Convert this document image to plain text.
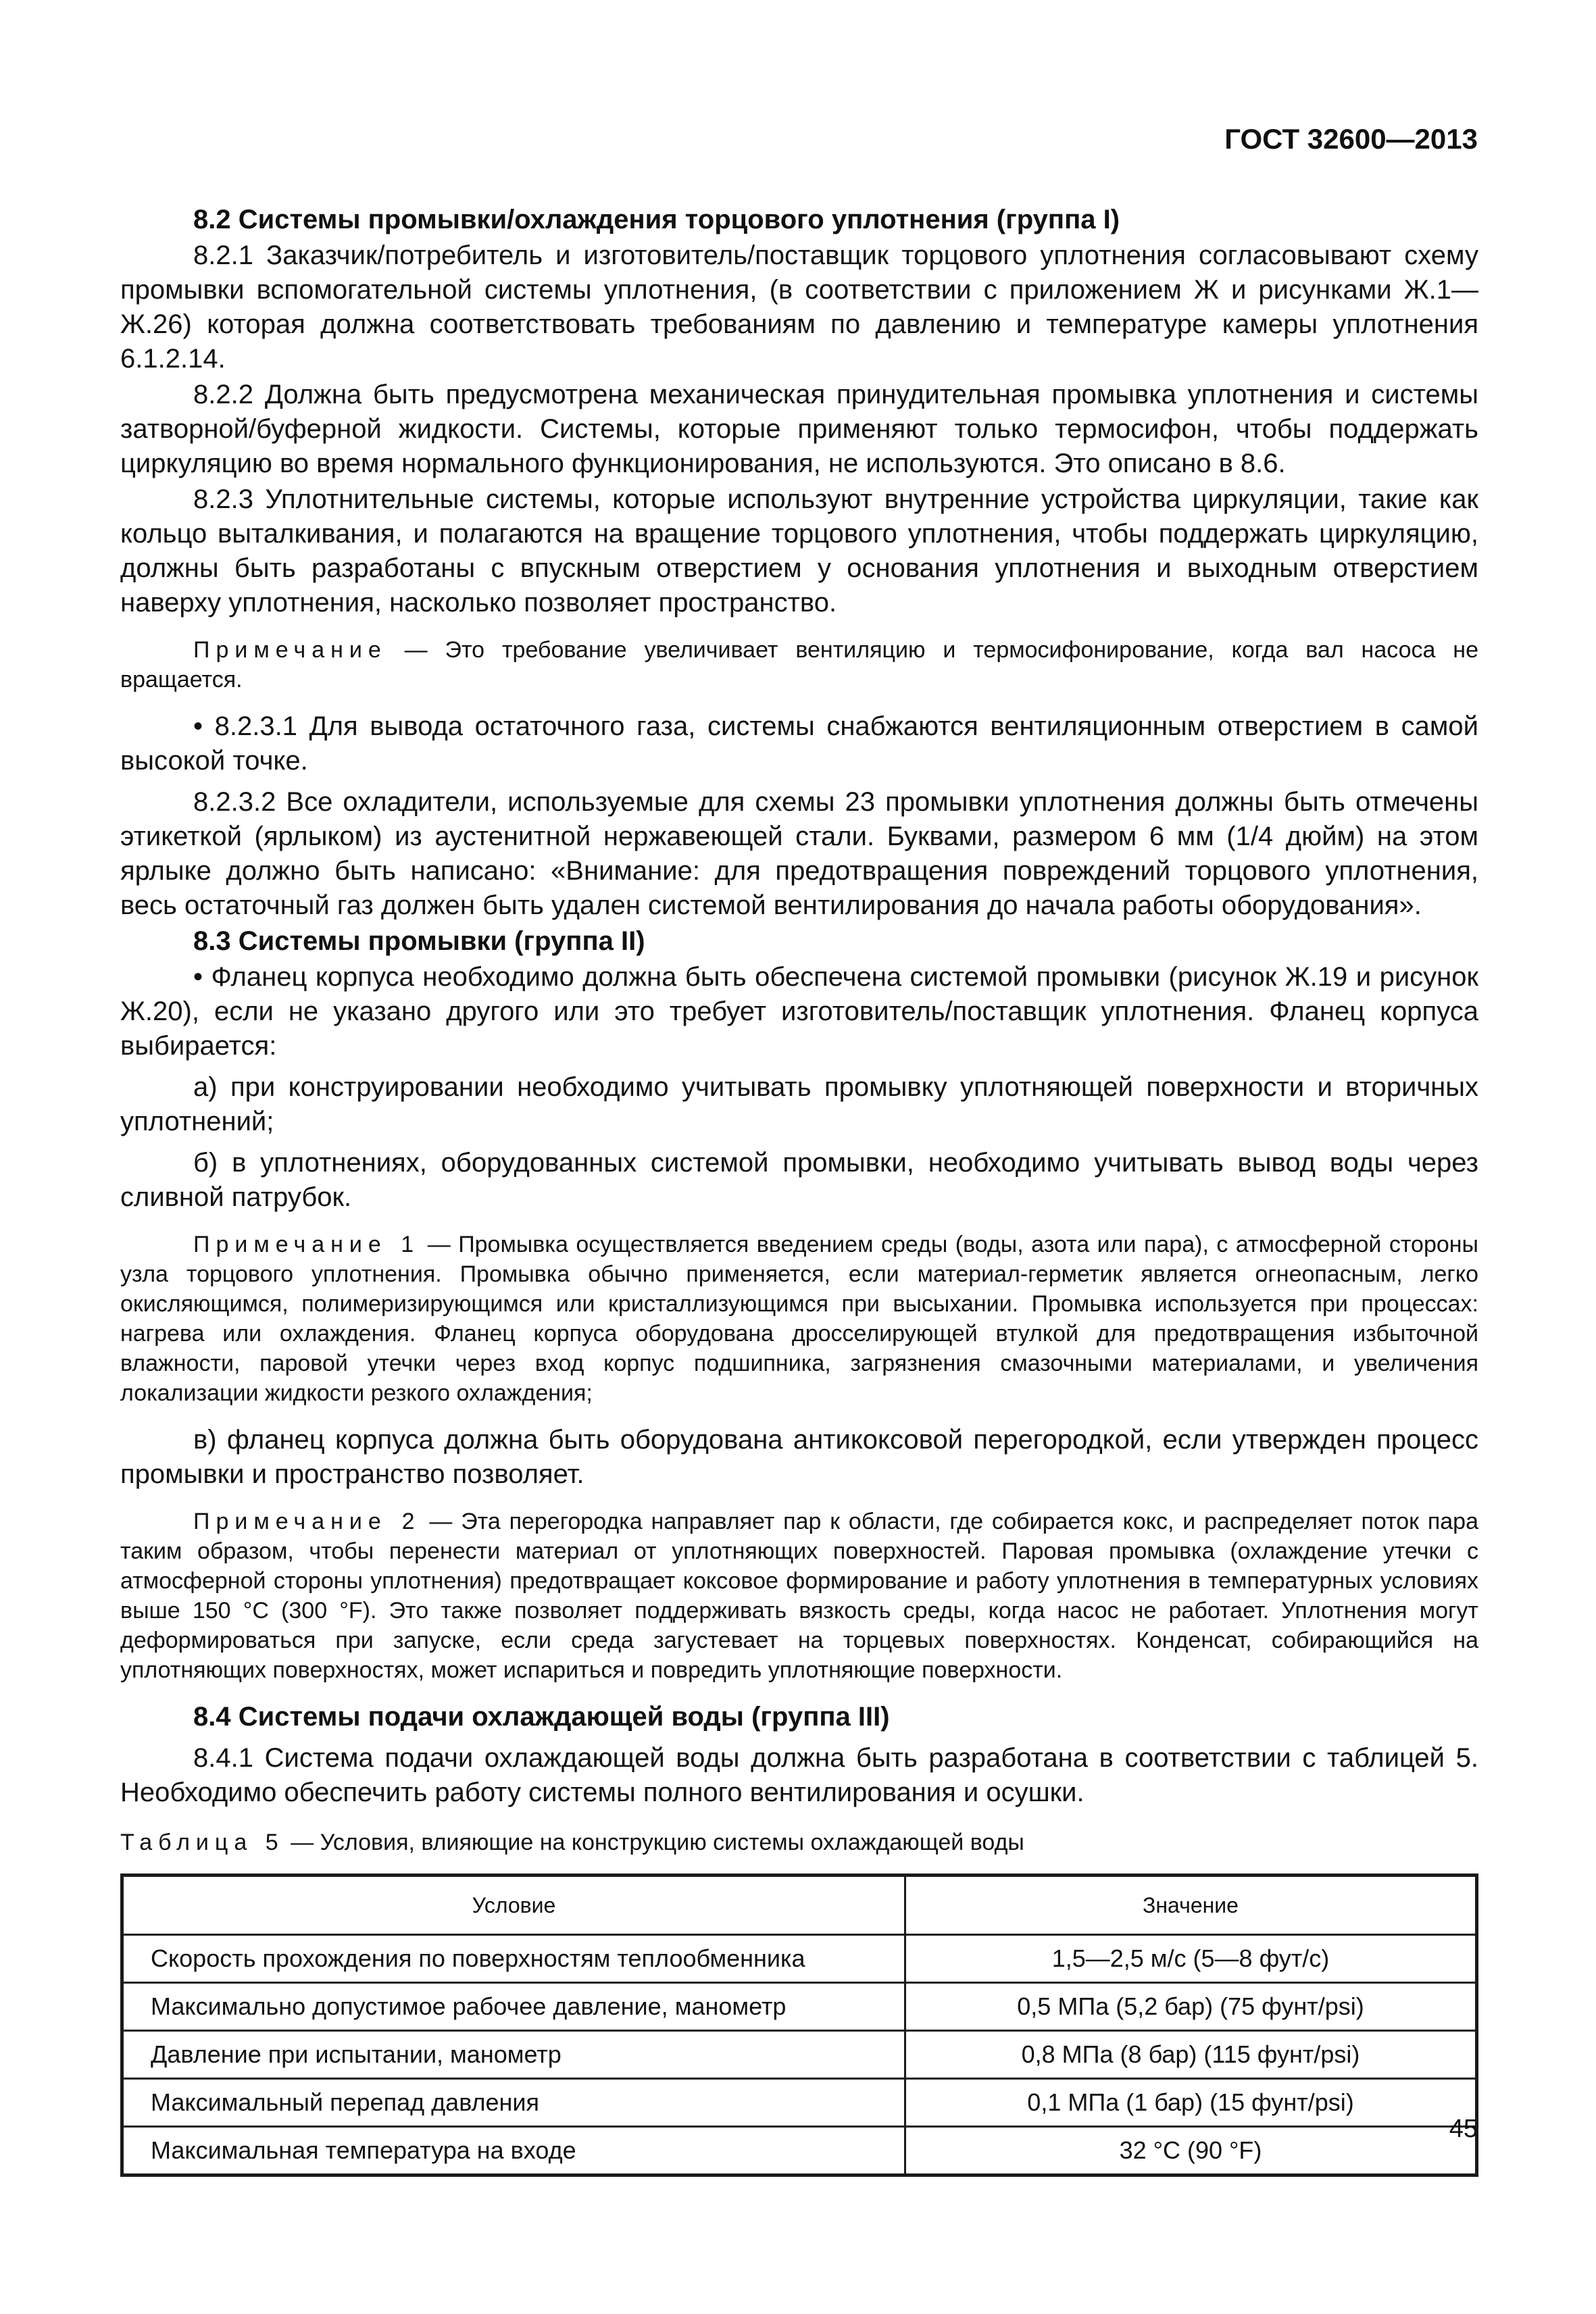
ГОСТ 32600—2013

8.2 Системы промывки/охлаждения торцового уплотнения (группа I)

8.2.1 Заказчик/потребитель и изготовитель/поставщик торцового уплотнения согласовывают схему промывки вспомогательной системы уплотнения, (в соответствии с приложением Ж и рисунками Ж.1—Ж.26) которая должна соответствовать требованиям по давлению и температуре камеры уплотнения 6.1.2.14.

8.2.2 Должна быть предусмотрена механическая принудительная промывка уплотнения и системы затворной/буферной жидкости. Системы, которые применяют только термосифон, чтобы поддержать циркуляцию во время нормального функционирования, не используются. Это описано в 8.6.

8.2.3 Уплотнительные системы, которые используют внутренние устройства циркуляции, такие как кольцо выталкивания, и полагаются на вращение торцового уплотнения, чтобы поддержать циркуляцию, должны быть разработаны с впускным отверстием у основания уплотнения и выходным отверстием наверху уплотнения, насколько позволяет пространство.

Примечание — Это требование увеличивает вентиляцию и термосифонирование, когда вал насоса не вращается.

• 8.2.3.1 Для вывода остаточного газа, системы снабжаются вентиляционным отверстием в самой высокой точке.

8.2.3.2 Все охладители, используемые для схемы 23 промывки уплотнения должны быть отмечены этикеткой (ярлыком) из аустенитной нержавеющей стали. Буквами, размером 6 мм (1/4 дюйм) на этом ярлыке должно быть написано: «Внимание: для предотвращения повреждений торцового уплотнения, весь остаточный газ должен быть удален системой вентилирования до начала работы оборудования».

8.3 Системы промывки (группа II)

• Фланец корпуса необходимо должна быть обеспечена системой промывки (рисунок Ж.19 и рисунок Ж.20), если не указано другого или это требует изготовитель/поставщик уплотнения. Фланец корпуса выбирается:

а) при конструировании необходимо учитывать промывку уплотняющей поверхности и вторичных уплотнений;

б) в уплотнениях, оборудованных системой промывки, необходимо учитывать вывод воды через сливной патрубок.

Примечание 1 — Промывка осуществляется введением среды (воды, азота или пара), с атмосферной стороны узла торцового уплотнения. Промывка обычно применяется, если материал-герметик является огнеопасным, легко окисляющимся, полимеризирующимся или кристаллизующимся при высыхании. Промывка используется при процессах: нагрева или охлаждения. Фланец корпуса оборудована дросселирующей втулкой для предотвращения избыточной влажности, паровой утечки через вход корпус подшипника, загрязнения смазочными материалами, и увеличения локализации жидкости резкого охлаждения;

в) фланец корпуса должна быть оборудована антикоксовой перегородкой, если утвержден процесс промывки и пространство позволяет.

Примечание 2 — Эта перегородка направляет пар к области, где собирается кокс, и распределяет поток пара таким образом, чтобы перенести материал от уплотняющих поверхностей. Паровая промывка (охлаждение утечки с атмосферной стороны уплотнения) предотвращает коксовое формирование и работу уплотнения в температурных условиях выше 150 °С (300 °F). Это также позволяет поддерживать вязкость среды, когда насос не работает. Уплотнения могут деформироваться при запуске, если среда загустевает на торцевых поверхностях. Конденсат, собирающийся на уплотняющих поверхностях, может испариться и повредить уплотняющие поверхности.

8.4 Системы подачи охлаждающей воды (группа III)

8.4.1 Система подачи охлаждающей воды должна быть разработана в соответствии с таблицей 5. Необходимо обеспечить работу системы полного вентилирования и осушки.

Таблица 5 — Условия, влияющие на конструкцию системы охлаждающей воды

Условие	Значение
Скорость прохождения по поверхностям теплообменника	1,5—2,5 м/с (5—8 фут/с)
Максимально допустимое рабочее давление, манометр	0,5 МПа (5,2 бар) (75 фунт/psi)
Давление при испытании, манометр	0,8 МПа (8 бар) (115 фунт/psi)
Максимальный перепад давления	0,1 МПа (1 бар) (15 фунт/psi)
Максимальная температура на входе	32 °С (90 °F)
45
